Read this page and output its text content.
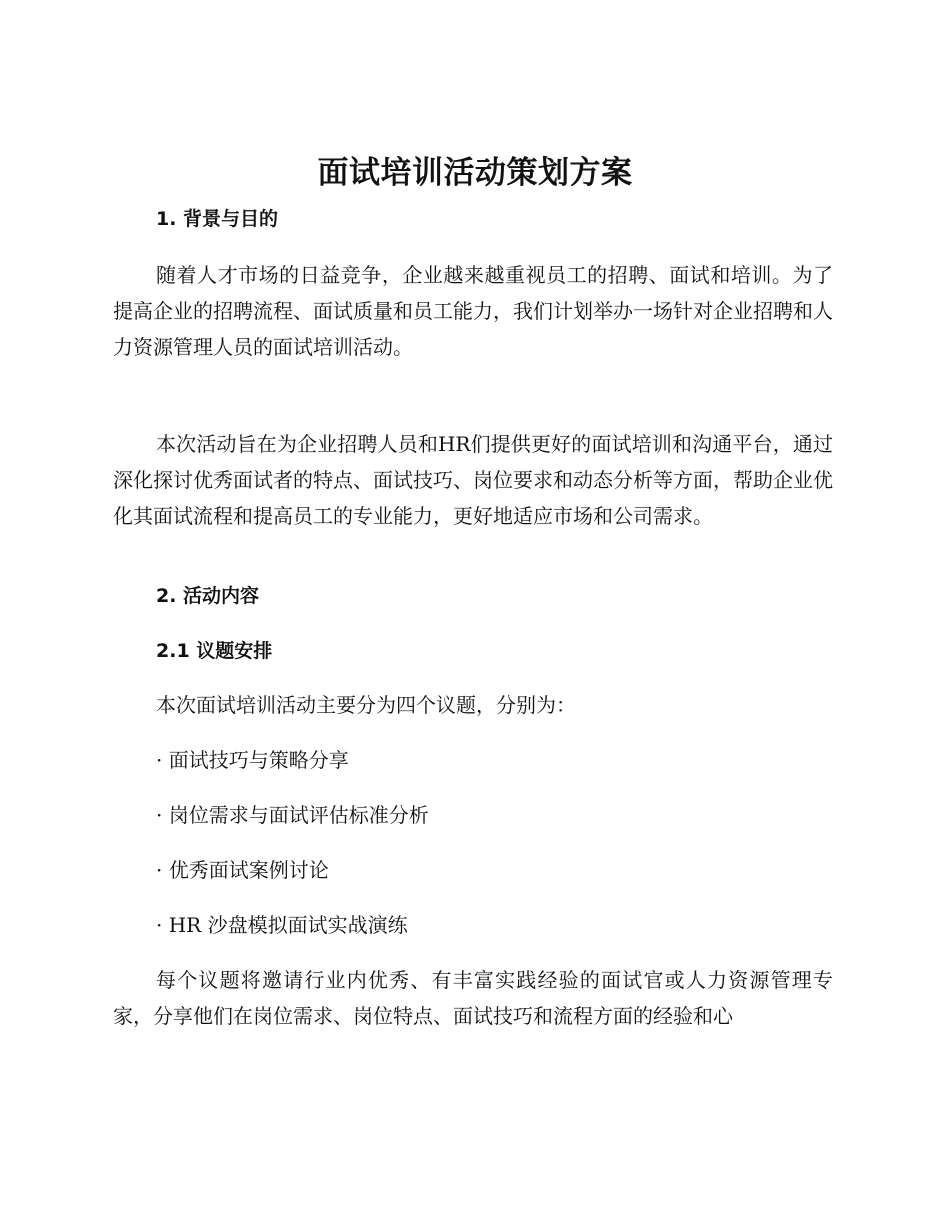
面试培训活动策划方案
1. 背景与目的

随着人才市场的日益竞争，企业越来越重视员工的招聘、面试和培训。为了提高企业的招聘流程、面试质量和员工能力，我们计划举办一场针对企业招聘和人力资源管理人员的面试培训活动。

本次活动旨在为企业招聘人员和HR们提供更好的面试培训和沟通平台，通过深化探讨优秀面试者的特点、面试技巧、岗位要求和动态分析等方面，帮助企业优化其面试流程和提高员工的专业能力，更好地适应市场和公司需求。

2. 活动内容
2.1 议题安排

本次面试培训活动主要分为四个议题，分别为：

· 面试技巧与策略分享

· 岗位需求与面试评估标准分析

· 优秀面试案例讨论

· HR 沙盘模拟面试实战演练

每个议题将邀请行业内优秀、有丰富实践经验的面试官或人力资源管理专家，分享他们在岗位需求、岗位特点、面试技巧和流程方面的经验和心
